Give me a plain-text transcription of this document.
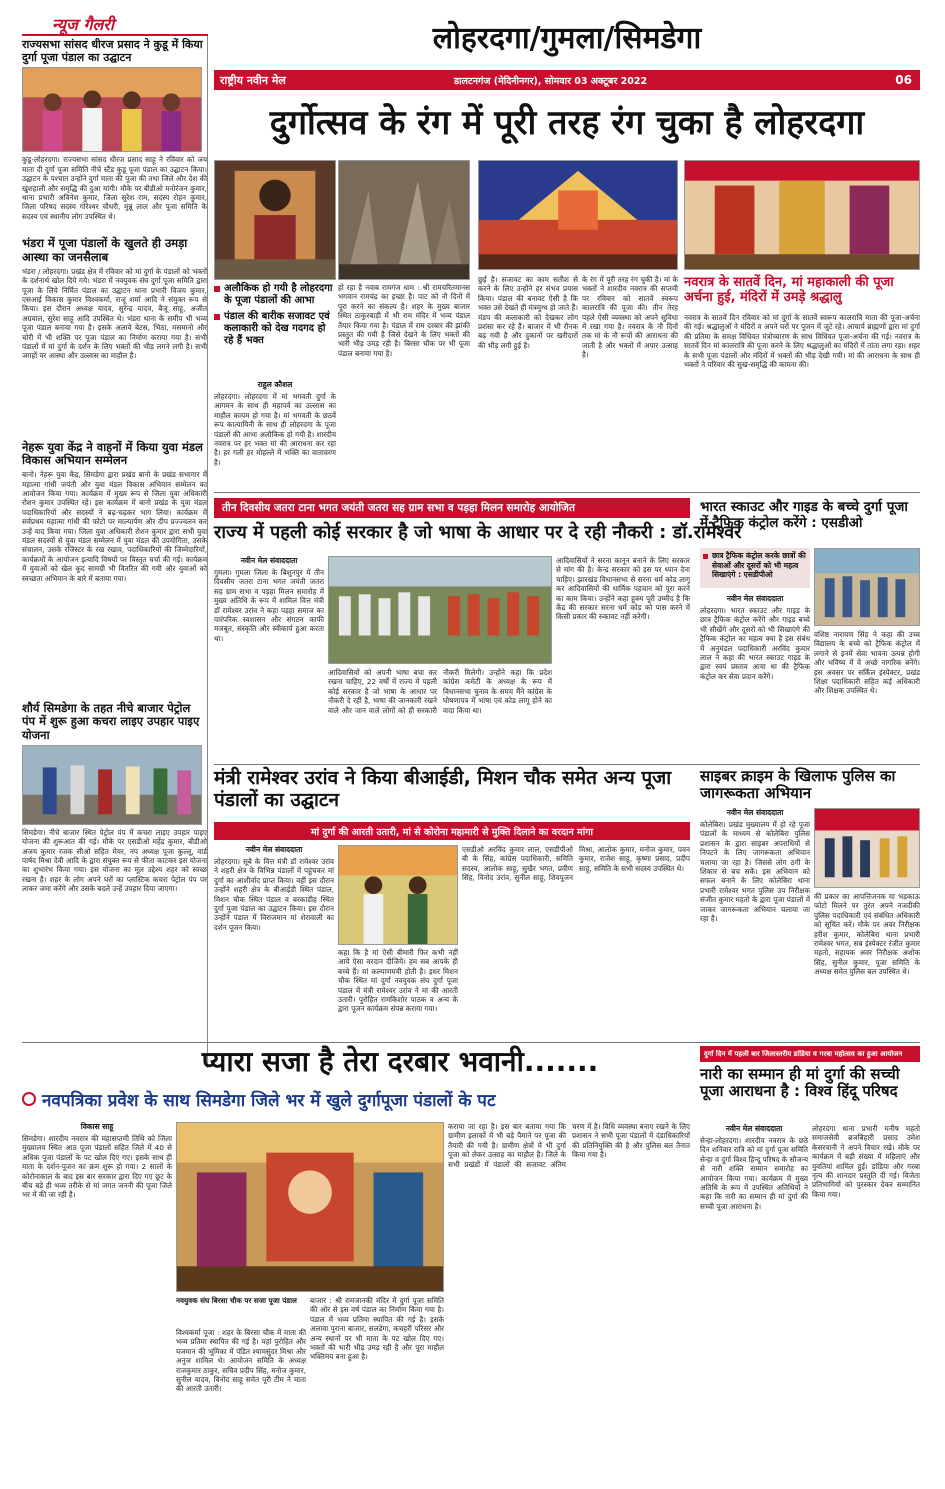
न्यूज गैलरी
राज्यसभा सांसद धीरज प्रसाद ने कुडू में किया दुर्गा पूजा पंडाल का उद्घाटन
कुडू-लोहरदगा। राज्यसभा सांसद धीरज प्रसाद साहू ने रविवार को जय माता दी दुर्गा पूजा समिति नीचे स्टैंड कुडू पूजा पंडाल का उद्घाटन किया। उद्घाटन के पश्चात उन्होंने दुर्गा माता की पूजा की तथा जिले और देश की खुशहाली और समृद्धि की दुआ मांगी। मौके पर बीडीओ मनोरंजन कुमार, थाना प्रभारी अविनेश कुमार, जिला सुरेश राम, सदस्य रोहन कुमार, जिला परिषद सदस्य गोरेश्वर चौधरी, मुन्नू लाल और पूजा समिति के सदस्य एवं स्थानीय लोग उपस्थित थे।
भंडरा में पूजा पंडालों के खुलते ही उमड़ा आस्था का जनसैलाब
भंडरा / लोहरदगा। प्रखंड क्षेत्र में रविवार को मां दुर्गा के पंडालों को भक्तों के दर्शनार्थ खोल दिये गये। भंडरा में नवयुवक संघ दुर्गा पूजा समिति द्वारा पूजा के लिये निर्मित पंडाल का उद्घाटन थाना प्रभारी विजय कुमार, एसआई विकास कुमार विश्वकर्मा, राजू शर्मा आदि ने संयुक्त रूप से किया। इस दौरान अध्यक्ष यादव, सुरेन्द्र यादव, बैजू साहू, अजीत अग्रवाल, सुरेश साहू आदि उपस्थित थे। भंडरा थाना के समीप भी भव्य पूजा पंडाल बनाया गया है। इसके अलावे बेटस, भिठा, मसमानो और चोरी में भी शक्ति पर पूजा पंडाल का निर्माण कराया गया है। सभी पंडालों में मां दुर्गा के दर्शन के लिए भक्तों की भीड़ लगने लगी है। सभी जगहों पर आस्था और उल्लास का माहौल है।
नेहरू युवा केंद्र ने वाहनों में किया युवा मंडल विकास अभियान सम्मेलन
बानो। नेहरू युवा केंद्र, सिमडेगा द्वारा प्रखंड बानो के प्रखंड सभागार में महात्मा गांधी जयंती और युवा मंडल विकास अभियान सम्मेलन का आयोजन किया गया। कार्यक्रम में मुख्य रूप से जिला युवा अधिकारी रोशन कुमार उपस्थित रहे। इस कार्यक्रम में बानो प्रखंड के युवा मंडल पदाधिकारियों और सदस्यों ने बढ़-चढ़कर भाग लिया। कार्यक्रम में सर्वप्रथम महात्मा गांधी की फोटो पर माल्यार्पण और दीप प्रज्ज्वलन कर उन्हें याद किया गया। जिला युवा अधिकारी रोशन कुमार द्वारा सभी युवा मंडल सदस्यों से युवा मंडल सम्मेलन में युवा मंडल की उपयोगिता, उसके संचालन, उसके रजिस्टर के रख रखाव, पदाधिकारियों की जिम्मेदारियों, कार्यक्रमों के आयोजन इत्यादि विषयों पर विस्तृत चर्चा की गई। कार्यक्रम में युवाओं को खेल कूद सामग्री भी वितरित की गयी और युवाओं को स्वच्छता अभियान के बारे में बताया गया।
शौर्य सिमडेगा के तहत नीचे बाजार पेट्रोल पंप में शुरू हुआ कचरा लाइए उपहार पाइए योजना
सिमडेगा। नीचे बाजार स्थित पेट्रोल पंप में कचरा लाइए उपहार पाइए योजना की शुरूआत की गई। मौके पर एसडीओ महेंद्र कुमार, बीडीओ अजय कुमार रजक सीओ सहित मेयर, नप अध्यक्ष पूजा कुल्लू, वार्ड पार्षद मिश्रा देवी आदि के द्वारा संयुक्त रूप से फीता काटकर इस योजना का शुभारंभ किया गया। इस योजना का मूल उद्देश्य शहर को स्वच्छ रखना है। शहर के लोग अपने घरों का प्लास्टिक कचरा पेट्रोल पंप पर लाकर जमा करेंगे और उसके बदले उन्हें उपहार दिया जाएगा।
लोहरदगा/गुमला/सिमडेगा
राष्ट्रीय नवीन मेल	डालटनगंज (मेदिनीनगर), सोमवार 03 अक्टूबर 2022	06
दुर्गोत्सव के रंग में पूरी तरह रंग चुका है लोहरदगा
अलौकिक हो गयी है लोहरदगा के पूजा पंडालों की आभा
पंडाल की बारीक सजावट एवं कलाकारी को देख गदगद हो रहे हैं भक्त
राहुल कौशल
लोहरदगा। लोहरदगा में मां भगवती दुर्गा के आगमन के साथ ही महापर्व का उल्लास का माहौल कायम हो गया है। मां भगवती के छठवें रूप कात्यायिनी के साथ ही लोहरदगा के पूजा पंडालों की आभा अलौकिक हो गयी है। शारदीय नवरात्र पर हर भक्त मां की आराधना कर रहा है। हर गली हर मोहल्ले में भक्ति का वातावरण है।
हो रहा है नवाब रामगंज धाम : श्री रामचरितमानस भगवान रामचंद्र का इच्छा है। पाट को नौ दिनों में पूरा करने का संकल्प है। शहर के मुख्य बाजार स्थित ठाकुरबाड़ी में भी राम मंदिर में भव्य पंडाल तैयार किया गया है। पंडाल में राम दरबार की झांकी प्रस्तुत की गयी है जिसे देखने के लिए भक्तों की भारी भीड़ उमड़ रही है। बिरसा चौक पर भी पूजा पंडाल बनाया गया है।
छुई है। सजावट का काम सतीश से करने के लिए उन्होंने हर संभव प्रयास किया। पंडाल की बनावट ऐसी है कि भक्त उसे देखते ही मंत्रमुग्ध हो जाते हैं। मंडप की कलाकारी को देखकर लोग प्रशंसा कर रहे हैं। बाजार में भी रौनक बढ़ गयी है और दुकानों पर खरीदारों की भीड़ लगी हुई है।
के रंग में पूरी तरह रंग चुकी है। मां के भक्तों ने शारदीय नवरात्र की सप्तमी पर रविवार को सातवें स्वरूप कालरात्रि की पूजा की। तीन तेरह पहले ऐसी व्यवस्था को अपने सुविधा में रखा गया है। नवरात्र के नौ दिनों तक मां के नौ रूपों की आराधना की जाती है और भक्तों में अपार उत्साह है।
नवरात्र के सातवें दिन, मां महाकाली की पूजा अर्चना हुई, मंदिरों में उमड़े श्रद्धालु
नवरात्र के सातवें दिन रविवार को मां दुर्गा के सातवें स्वरूप कालरात्रि माता की पूजा-अर्चना की गई। श्रद्धालुओं ने मंदिरों व अपने घरों पर पूजन में जुटे रहे। आचार्य ब्राह्मणों द्वारा मां दुर्गा की प्रतिमा के समक्ष विधिवत मंत्रोच्चारण के साथ विधिवत पूजा-अर्चना की गई। नवरात्र के सातवें दिन मां कालरात्रि की पूजा करने के लिए श्रद्धालुओं का मंदिरों में तांता लगा रहा। शहर के सभी पूजा पंडालों और मंदिरों में भक्तों की भीड़ देखी गयी। मां की आराधना के साथ ही भक्तों ने परिवार की सुख-समृद्धि की कामना की।
तीन दिवसीय जतरा टाना भगत जयंती जतरा सह ग्राम सभा व पड़हा मिलन समारोह आयोजित
राज्य में पहली कोई सरकार है जो भाषा के आधार पर दे रही नौकरी : डॉ.रामेश्वर
नवीन मेल संवाददाता
गुमला। गुमला जिला के बिशुनपुर में तीन दिवसीय जतरा टाना भगत जयंती जतरा सह ग्राम सभा व पड़हा मिलन समारोह में मुख्य अतिथि के रूप में शामिल वित्त मंत्री डॉ रामेश्वर उरांव ने कहा पड़हा समाज का पारंपरिक स्वशासन और संगठन काफी मजबूत, संस्कृति और स्वीकार्य हुआ करता था।
आदिवासियों को अपनी भाषा बचा कर रखना चाहिए, 22 वर्षों में राज्य में पहली कोई सरकार है जो भाषा के आधार पर नौकरी दे रही है, भाषा की जानकारी रखने वाले और जान वाले लोगों को ही सरकारी नौकरी मिलेगी। उन्होंने कहा कि प्रदेश कांग्रेस कमेटी के अध्यक्ष के रूप में विधानसभा चुनाव के समय मैंने कांग्रेस के घोषणापत्र में भाषा एवं कोड लागू होने का वादा किया था।
आदिवासियों ने सरना कानून बनाने के लिए सरकार से मांग की है। केन्द्र सरकार को इस पर ध्यान देना चाहिए। झारखंड विधानसभा से सरना धर्म कोड लागू कर आदिवासियों की धार्मिक पहचान को पूरा करने का काम किया। उन्होंने कहा हुक्म पूरी उम्मीद है कि केंद्र की सरकार सरना धर्म कोड को पास करने में किसी प्रकार की रुकावट नहीं करेगी।
भारत स्काउट और गाइड के बच्चे दुर्गा पूजा में ट्रैफिक कंट्रोल करेंगे : एसडीओ
छात्र ट्रैफिक कंट्रोल करके छात्रों की सेवाओं और दूसरों को भी महत्व सिखाएंगे : एसडीपीओ
नवीन मेल संवाददाता
लोहरदगा। भारत स्काउट और गाइड के छात्र ट्रैफिक कंट्रोल करेंगे और गाइड बच्चे भी सीखेंगे और दूसरों को भी सिखाएंगे की ट्रैफिक कंट्रोल का महत्व क्या है इस संबंध में अनुमंडल पदाधिकारी अरविंद कुमार लाल ने कहा की भारत स्काउट गाइड के द्वारा स्वयं प्रस्ताव आया था की ट्रैफिक कंट्रोल कर सेवा प्रदान करेंगे।
वशिष्ठ नारायण सिंह ने कहा की उच्च विद्यालय के बच्चे को ट्रैफिक कंट्रोल में लगाने से इनमें सेवा भावना उत्पन्न होगी और भविष्य में वे अच्छे नागरिक बनेंगे। इस अवसर पर सर्किल इंस्पेक्टर, प्रखंड शिक्षा पदाधिकारी सहित कई अधिकारी और शिक्षक उपस्थित थे।
मंत्री रामेश्वर उरांव ने किया बीआईडी, मिशन चौक समेत अन्य पूजा पंडालों का उद्घाटन
मां दुर्गा की आरती उतारी, मां से कोरोना महामारी से मुक्ति दिलाने का वरदान मांगा
नवीन मेल संवाददाता
लोहरदगा। सूबे के वित्त मंत्री डॉ रामेश्वर उरांव ने शहरी क्षेत्र के विभिन्न पंडालों में पहुंचकर मां दुर्गा का आशीर्वाद प्राप्त किया। वहीं इस दौरान उन्होंने शहरी क्षेत्र के बीआईडी स्थित पंडाल, मिशन चौक स्थित पंडाल व बरकाडीह स्थित दुर्गा पूजा पंडाल का उद्घाटन किया। इस दौरान उन्होंने पंडाल में विराजमान मां शेरावाली का दर्शन पूजन किया।
कहा कि है मां ऐसी बीमारी फिर कभी नहीं आये ऐसा वरदान दीजिये। हम सब आपके ही बच्चे हैं। मां कल्याणमयी होती है। इधर मिशन चौक स्थित मां दुर्गा नवयुवक संघ दुर्गा पूजा पंडाल में मंत्री रामेश्वर उरांव ने मां की आरती उतारी। पुरोहित रामकिशोर पाठक व अन्य के द्वारा पूजन कार्यक्रम संपन्न कराया गया।
एसडीओ अरविंद कुमार लाल, एसडीपीओ बी के सिंह, कांग्रेस पदाधिकारी, समिति सदस्य, आलोक साहू, सुखैर भगत, प्रवीण सिंह, विनोद उरांव, सुनील साहू, शिवपूजन मिश्रा, आलोक कुमार, मनोज कुमार, पवन कुमार, राजेश साहू, कृष्णा प्रसाद, प्रदीप साहू, समिति के सभी सदस्य उपस्थित थे।
साइबर क्राइम के खिलाफ पुलिस का जागरूकता अभियान
नवीन मेल संवाददाता
कोलेबिरा। प्रखंड मुख्यालय में हो रहे पूजा पंडालों के माध्यम से कोलेबिरा पुलिस प्रशासन के द्वारा साइबर अपराधियों से निपटने के लिए जागरूकता अभियान चलाया जा रहा है। जिससे लोग ठगी के शिकार से बच सकें। इस अभियान को सफल बनाने के लिए कोलेबिरा थाना प्रभारी रामेश्वर भगत पुलिस उप निरीक्षक संजीत कुमार महतो के द्वारा पूजा पंडालों में जाकर जागरूकता अभियान चलाया जा रहा है।
की प्रकार का आपत्तिजनक या भड़काऊ फोटो मिलने पर तुरंत अपने नजदीकी पुलिस पदाधिकारी एवं संबंधित अधिकारी को सूचित करें। मौके पर अवर निरीक्षक हरीश कुमार, कोलेबिरा थाना प्रभारी रामेश्वर भगत, सब इंस्पेक्टर रंजीत कुमार महतो, सहायक अवर निरीक्षक अशोक सिंह, सुनील कुमार, पूजा समिति के अध्यक्ष समेत पुलिस बल उपस्थित थे।
प्यारा सजा है तेरा दरबार भवानी.......
नवपत्रिका प्रवेश के साथ सिमडेगा जिले भर में खुले दुर्गापूजा पंडालों के पट
विकास साहू
सिमडेगा। शारदीय नवरात्र की महासप्तमी तिथि को जिला मुख्यालय स्थित आठ पूजा पंडालों सहित जिले में 40 से अधिक पूजा पंडालों के पट खोल दिए गए। इसके साथ ही माता के दर्शन-पूजन का क्रम शुरू हो गया। 2 सालों के कोरोनाकाल के बाद इस बार सरकार द्वारा दिए गए छूट के बीच बड़े ही भव्य तरीके से मां जगत जननी की पूजा जिले भर में की जा रही है।
नवयुवक संघ बिरसा चौक पर सजा पूजा पंडाल
विश्वकर्मा पूजा : शहर के बिरसा चौक में माता की भव्य प्रतिमा स्थापित की गई है। यहां पुरोहित और यजमान की भूमिका में पंडित श्यामसुंदर मिश्रा और अनुज शामिल थे। आयोजन समिति के अध्यक्ष राजकुमार ठाकुर, सचिव प्रदीप सिंह, मनोज कुमार, सुनील यादव, विनोद साहू समेत पूरी टीम ने माता की आरती उतारी।
बाजार : श्री रामजानकी मंदिर में दुर्गा पूजा समिति की ओर से इस वर्ष पंडाल का निर्माण किया गया है। पंडाल में भव्य प्रतिमा स्थापित की गई है। इसके अलावा पुराना बाजार, सलडेगा, कचहरी परिसर और अन्य स्थानों पर भी माता के पट खोल दिए गए। भक्तों की भारी भीड़ उमड़ रही है और पूरा माहौल भक्तिमय बना हुआ है।
कराया जा रहा है। इस बार बताया गया कि ग्रामीण इलाकों में भी बड़े पैमाने पर पूजा की तैयारी की गयी है। ग्रामीण क्षेत्रों में भी दुर्गा पूजा को लेकर उत्साह का माहौल है। जिले के सभी प्रखंडों में पंडालों की सजावट अंतिम चरण में है। विधि व्यवस्था बनाए रखने के लिए प्रशासन ने सभी पूजा पंडालों में दंडाधिकारियों की प्रतिनियुक्ति की है और पुलिस बल तैनात किया गया है।
दुर्गा दिन में पहली बार जिलास्तरीय डांडिया व गरबा महोत्सव का हुआ आयोजन
नारी का सम्मान ही मां दुर्गा की सच्ची पूजा आराधना है : विश्व हिंदू परिषद
नवीन मेल संवाददाता
सेन्हा-लोहरदगा। शारदीय नवरात्र के छठे दिन शनिवार रात्रि को मां दुर्गा पूजा समिति सेन्हा व दुर्गा विश्व हिन्दू परिषद के सौजन्य से नारी शक्ति सम्मान समारोह का आयोजन किया गया। कार्यक्रम में मुख्य अतिथि के रूप में उपस्थित अतिथियों ने कहा कि नारी का सम्मान ही मां दुर्गा की सच्ची पूजा आराधना है।
लोहरदगा थाना प्रभारी मनीष महतो समाजसेवी ब्रजबिहारी प्रसाद उमेश केसरवानी ने अपने विचार रखे। मौके पर कार्यक्रम में बड़ी संख्या में महिलाएं और युवतियां शामिल हुईं। डांडिया और गरबा नृत्य की शानदार प्रस्तुति दी गई। विजेता प्रतिभागियों को पुरस्कार देकर सम्मानित किया गया।
